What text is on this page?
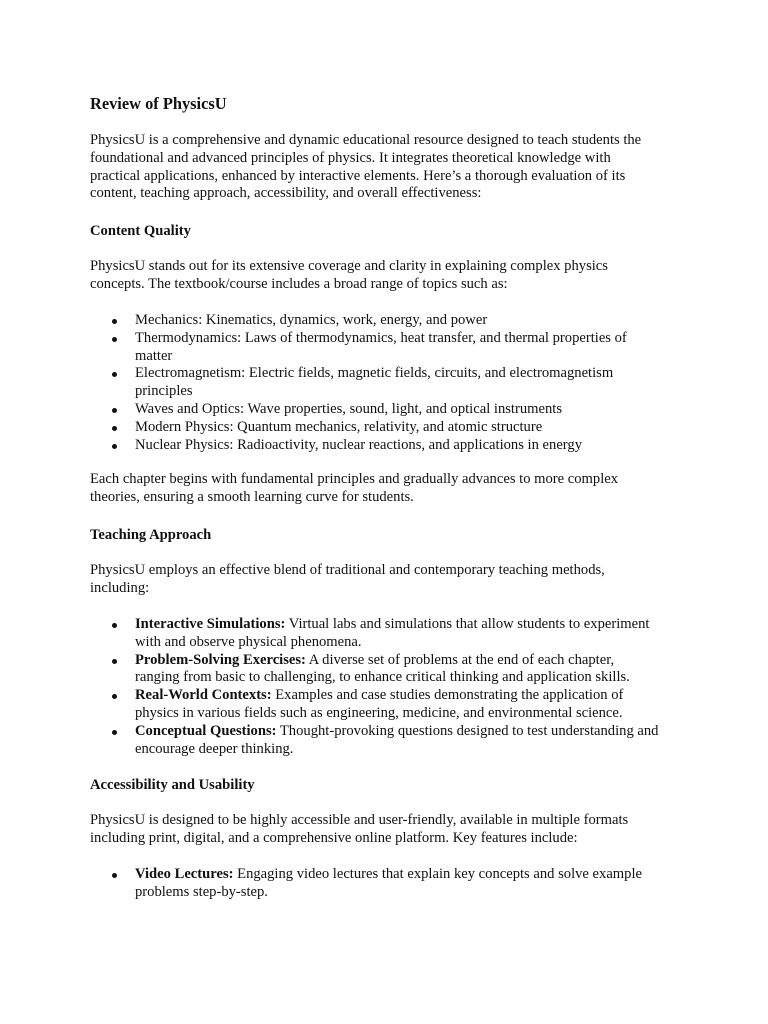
Review of PhysicsU

PhysicsU is a comprehensive and dynamic educational resource designed to teach students the
foundational and advanced principles of physics. It integrates theoretical knowledge with
practical applications, enhanced by interactive elements. Here’s a thorough evaluation of its
content, teaching approach, accessibility, and overall effectiveness:

Content Quality

PhysicsU stands out for its extensive coverage and clarity in explaining complex physics
concepts. The textbook/course includes a broad range of topics such as:

Mechanics: Kinematics, dynamics, work, energy, and power
Thermodynamics: Laws of thermodynamics, heat transfer, and thermal properties of
matter
Electromagnetism: Electric fields, magnetic fields, circuits, and electromagnetism
principles
Waves and Optics: Wave properties, sound, light, and optical instruments
Modern Physics: Quantum mechanics, relativity, and atomic structure
Nuclear Physics: Radioactivity, nuclear reactions, and applications in energy

Each chapter begins with fundamental principles and gradually advances to more complex
theories, ensuring a smooth learning curve for students.

Teaching Approach

PhysicsU employs an effective blend of traditional and contemporary teaching methods,
including:

Interactive Simulations: Virtual labs and simulations that allow students to experiment
with and observe physical phenomena.
Problem-Solving Exercises: A diverse set of problems at the end of each chapter,
ranging from basic to challenging, to enhance critical thinking and application skills.
Real-World Contexts: Examples and case studies demonstrating the application of
physics in various fields such as engineering, medicine, and environmental science.
Conceptual Questions: Thought-provoking questions designed to test understanding and
encourage deeper thinking.
Accessibility and Usability

PhysicsU is designed to be highly accessible and user-friendly, available in multiple formats
including print, digital, and a comprehensive online platform. Key features include:

Video Lectures: Engaging video lectures that explain key concepts and solve example
problems step-by-step.
